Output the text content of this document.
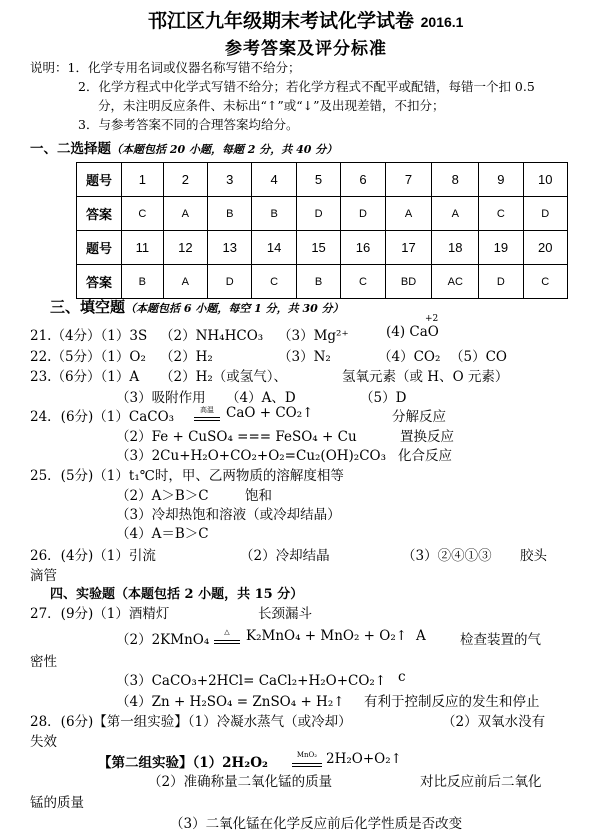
邗江区九年级期末考试化学试卷 2016.1
参考答案及评分标准
说明：1．化学专用名词或仪器名称写错不给分；
2．化学方程式中化学式写错不给分；若化学方程式不配平或配错，每错一个扣 0.5
分，未注明反应条件、未标出“↑”或“↓”及出现差错，不扣分；
3．与参考答案不同的合理答案均给分。
一、二选择题（本题包括 20 小题，每题 2 分，共 40 分）
题号	1	2	3	4	5	6	7	8	9	10
答案	C	A	B	B	D	D	A	A	C	D
题号	11	12	13	14	15	16	17	18	19	20
答案	B	A	D	C	B	C	BD	AC	D	C
三、填空题（本题包括 6 小题，每空 1 分，共 30 分）
21.（4分）（1）3S （2）NH₄HCO₃ （3）Mg²⁺	(4) CaO
+2
22.（5分）（1）O₂ （2）H₂	（3）N₂	（4）CO₂ （5）CO
23.（6分）（1）A （2）H₂（或氢气）、	氢氧元素（或 H、O 元素）
（3）吸附作用 （4）A、D	（5）D
24．(6分)（1）CaCO₃	高温 CaO + CO₂↑	分解反应
（2）Fe + CuSO₄ === FeSO₄ + Cu	置换反应
（3）2Cu+H₂O+CO₂+O₂=Cu₂(OH)₂CO₃ 化合反应
25．(5分)（1）t₁℃时，甲、乙两物质的溶解度相等
（2）A＞B＞C	饱和
（3）冷却热饱和溶液（或冷却结晶）
（4）A＝B＞C
26．(4分)（1）引流	（2）冷却结晶	（3）②④①③ 胶头
滴管
四、实验题（本题包括 2 小题，共 15 分）
27．(9分)（1）酒精灯	长颈漏斗
（2）2KMnO₄
△	K₂MnO₄ + MnO₂ + O₂↑ A	检查装置的气
密性
（3）CaCO₃+2HCl= CaCl₂+H₂O+CO₂↑ c
（4）Zn + H₂SO₄ = ZnSO₄ + H₂↑ 有利于控制反应的发生和停止
28．(6分)【第一组实验】（1）冷凝水蒸气（或冷却）	（2）双氧水没有
失效
【第二组实验】（1）2H₂O₂
MnO₂ 2H₂O+O₂↑
（2）准确称量二氧化锰的质量	对比反应前后二氧化
锰的质量
（3）二氧化锰在化学反应前后化学性质是否改变
